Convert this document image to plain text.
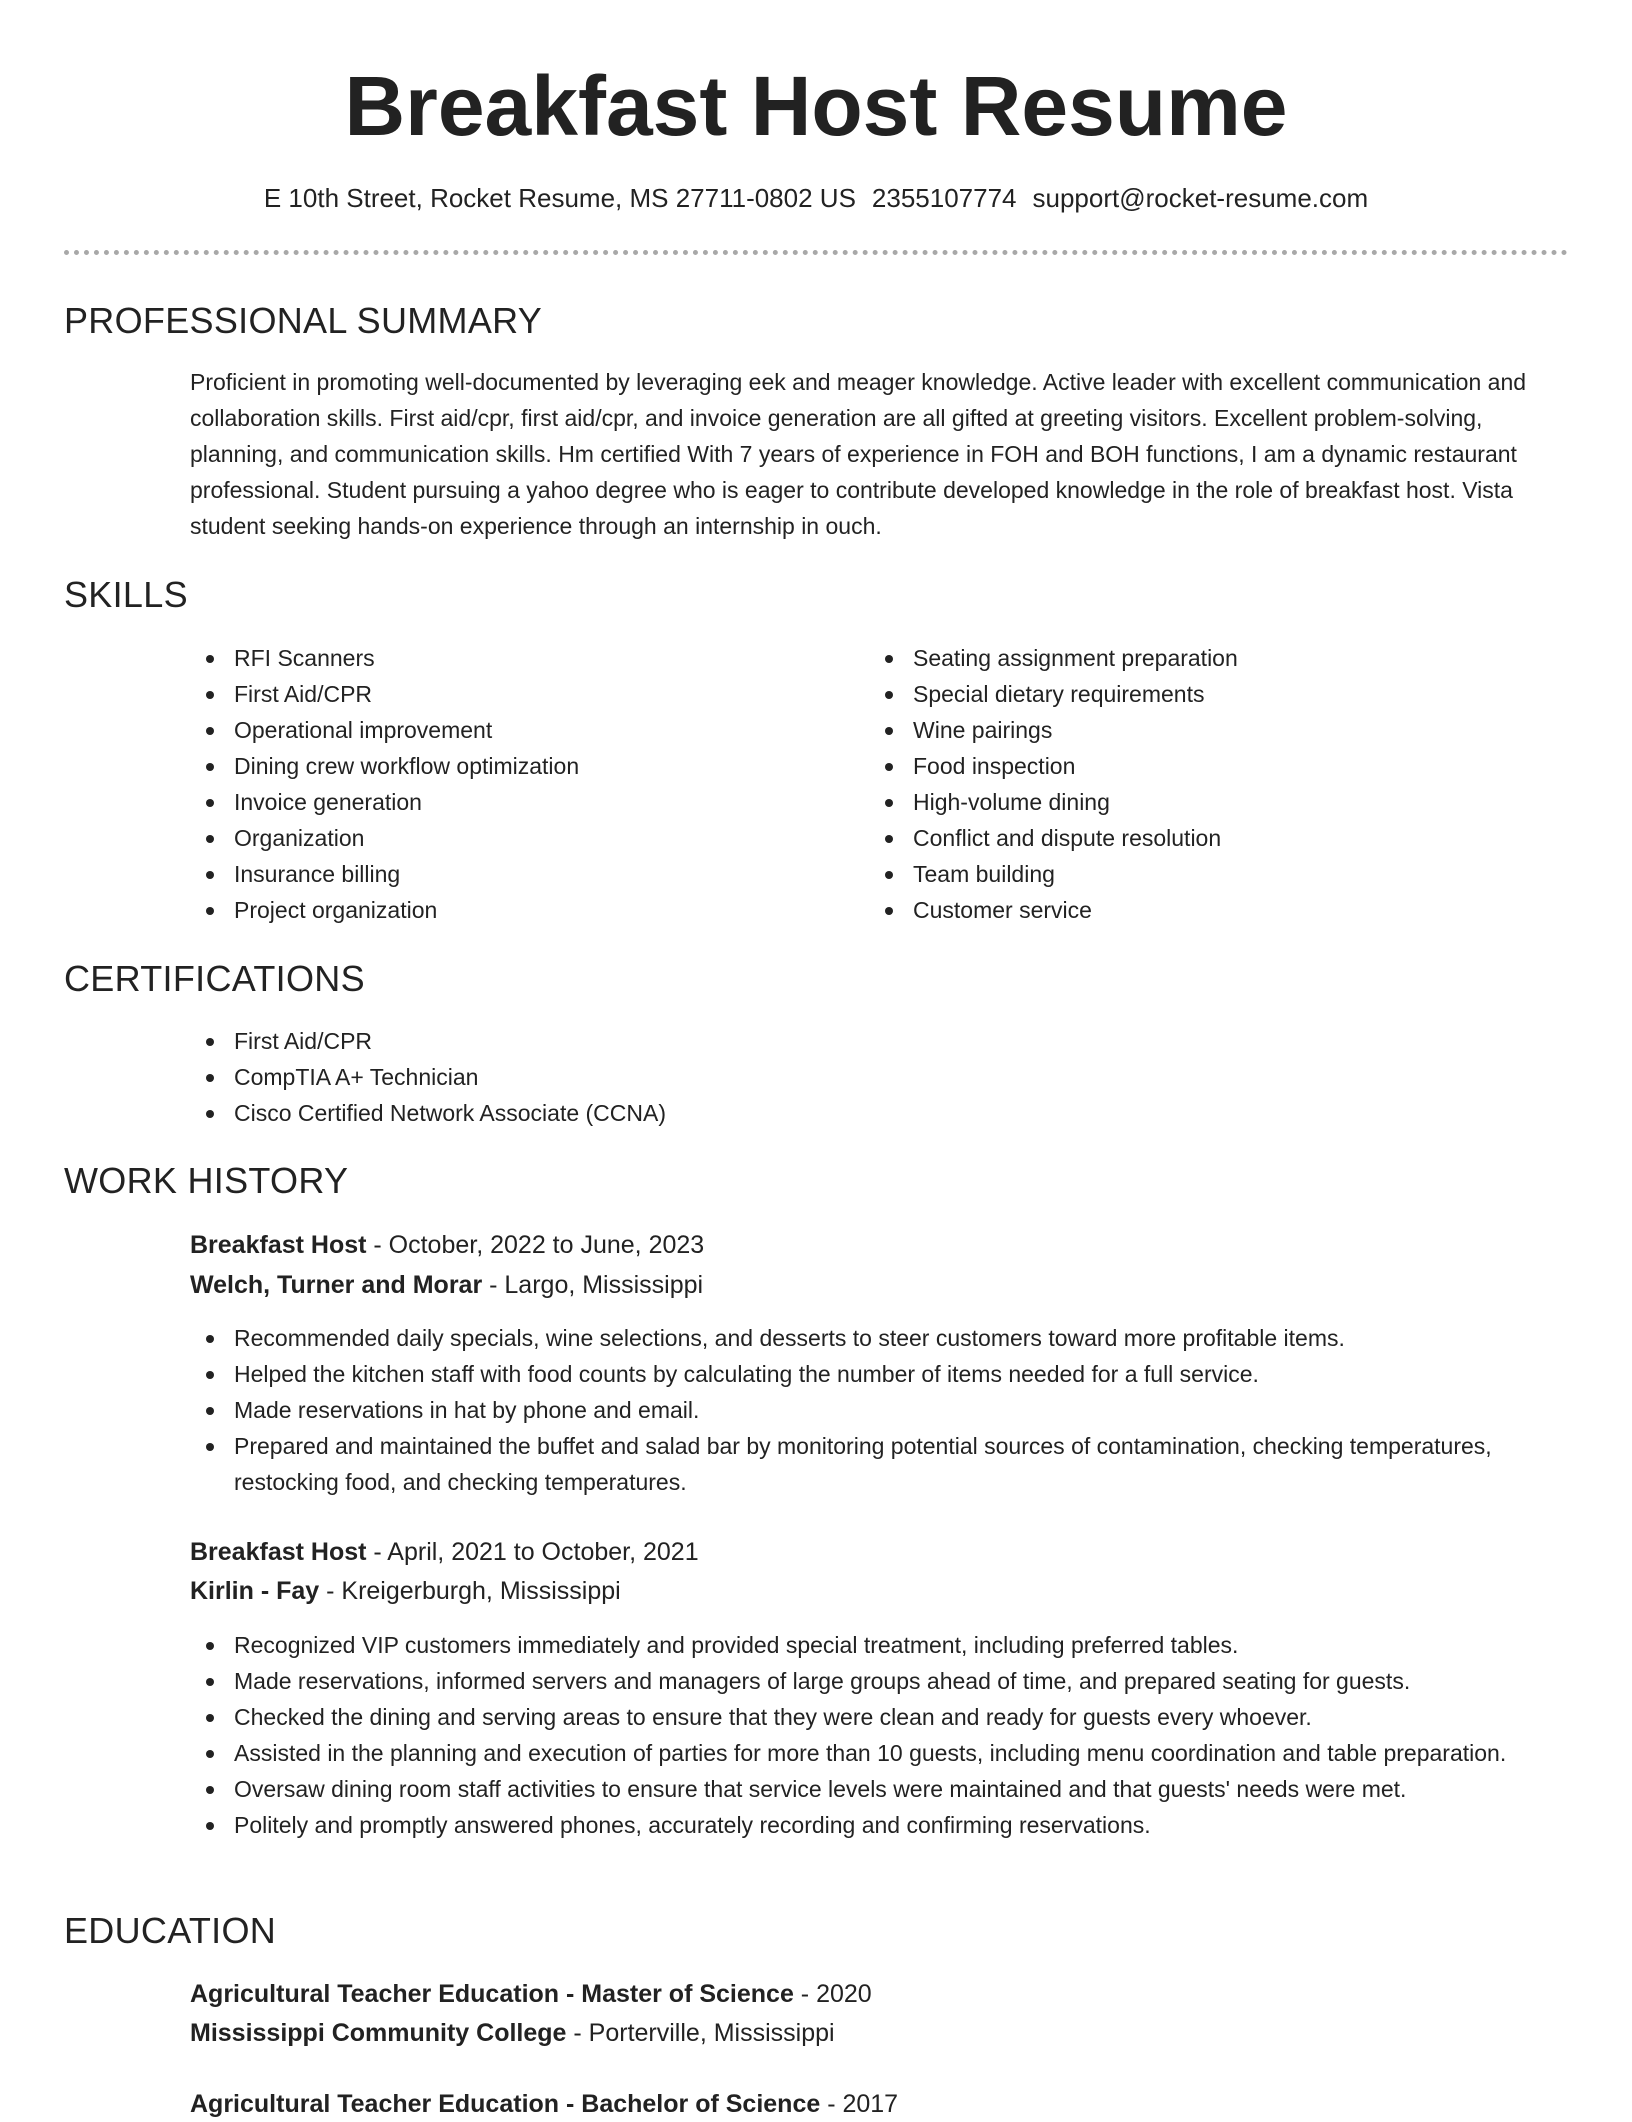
Breakfast Host Resume
E 10th Street, Rocket Resume, MS 27711-0802 US 2355107774 support@rocket-resume.com
PROFESSIONAL SUMMARY

Proficient in promoting well-documented by leveraging eek and meager knowledge. Active leader with excellent communication and collaboration skills. First aid/cpr, first aid/cpr, and invoice generation are all gifted at greeting visitors. Excellent problem-solving, planning, and communication skills. Hm certified With 7 years of experience in FOH and BOH functions, I am a dynamic restaurant professional. Student pursuing a yahoo degree who is eager to contribute developed knowledge in the role of breakfast host. Vista student seeking hands-on experience through an internship in ouch.

SKILLS
RFI Scanners
First Aid/CPR
Operational improvement
Dining crew workflow optimization
Invoice generation
Organization
Insurance billing
Project organization
Seating assignment preparation
Special dietary requirements
Wine pairings
Food inspection
High-volume dining
Conflict and dispute resolution
Team building
Customer service
CERTIFICATIONS
First Aid/CPR
CompTIA A+ Technician
Cisco Certified Network Associate (CCNA)
WORK HISTORY
Breakfast Host - October, 2022 to June, 2023
Welch, Turner and Morar - Largo, Mississippi
Recommended daily specials, wine selections, and desserts to steer customers toward more profitable items.
Helped the kitchen staff with food counts by calculating the number of items needed for a full service.
Made reservations in hat by phone and email.
Prepared and maintained the buffet and salad bar by monitoring potential sources of contamination, checking temperatures, restocking food, and checking temperatures.
Breakfast Host - April, 2021 to October, 2021
Kirlin - Fay - Kreigerburgh, Mississippi
Recognized VIP customers immediately and provided special treatment, including preferred tables.
Made reservations, informed servers and managers of large groups ahead of time, and prepared seating for guests.
Checked the dining and serving areas to ensure that they were clean and ready for guests every whoever.
Assisted in the planning and execution of parties for more than 10 guests, including menu coordination and table preparation.
Oversaw dining room staff activities to ensure that service levels were maintained and that guests' needs were met.
Politely and promptly answered phones, accurately recording and confirming reservations.
EDUCATION
Agricultural Teacher Education - Master of Science - 2020
Mississippi Community College - Porterville, Mississippi
Agricultural Teacher Education - Bachelor of Science - 2017
